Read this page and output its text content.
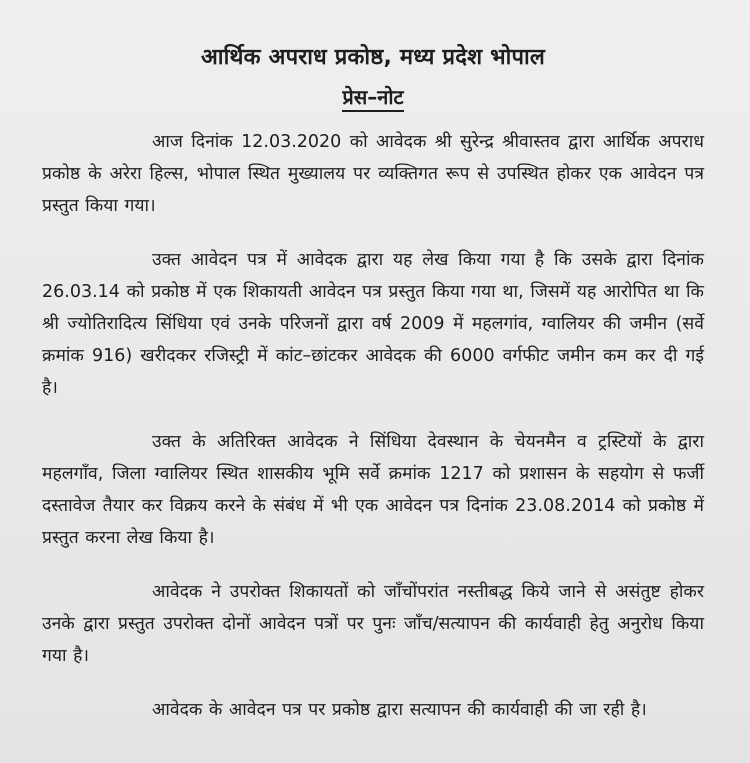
आर्थिक अपराध प्रकोष्ठ, मध्य प्रदेश भोपाल
प्रेस–नोट

आज दिनांक 12.03.2020 को आवेदक श्री सुरेन्द्र श्रीवास्तव द्वारा आर्थिक अपराध प्रकोष्ठ के अरेरा हिल्स, भोपाल स्थित मुख्यालय पर व्यक्तिगत रूप से उपस्थित होकर एक आवेदन पत्र प्रस्तुत किया गया।

उक्त आवेदन पत्र में आवेदक द्वारा यह लेख किया गया है कि उसके द्वारा दिनांक 26.03.14 को प्रकोष्ठ में एक शिकायती आवेदन पत्र प्रस्तुत किया गया था, जिसमें यह आरोपित था कि श्री ज्योतिरादित्य सिंधिया एवं उनके परिजनों द्वारा वर्ष 2009 में महलगांव, ग्वालियर की जमीन (सर्वे क्रमांक 916) खरीदकर रजिस्ट्री में कांट–छांटकर आवेदक की 6000 वर्गफीट जमीन कम कर दी गई है।

उक्त के अतिरिक्त आवेदक ने सिंधिया देवस्थान के चेयनमैन व ट्रस्टियों के द्वारा महलगाँव, जिला ग्वालियर स्थित शासकीय भूमि सर्वे क्रमांक 1217 को प्रशासन के सहयोग से फर्जी दस्तावेज तैयार कर विक्रय करने के संबंध में भी एक आवेदन पत्र दिनांक 23.08.2014 को प्रकोष्ठ में प्रस्तुत करना लेख किया है।

आवेदक ने उपरोक्त शिकायतों को जाँचोंपरांत नस्तीबद्ध किये जाने से असंतुष्ट होकर उनके द्वारा प्रस्तुत उपरोक्त दोनों आवेदन पत्रों पर पुनः जाँच/सत्यापन की कार्यवाही हेतु अनुरोध किया गया है।

आवेदक के आवेदन पत्र पर प्रकोष्ठ द्वारा सत्यापन की कार्यवाही की जा रही है।
